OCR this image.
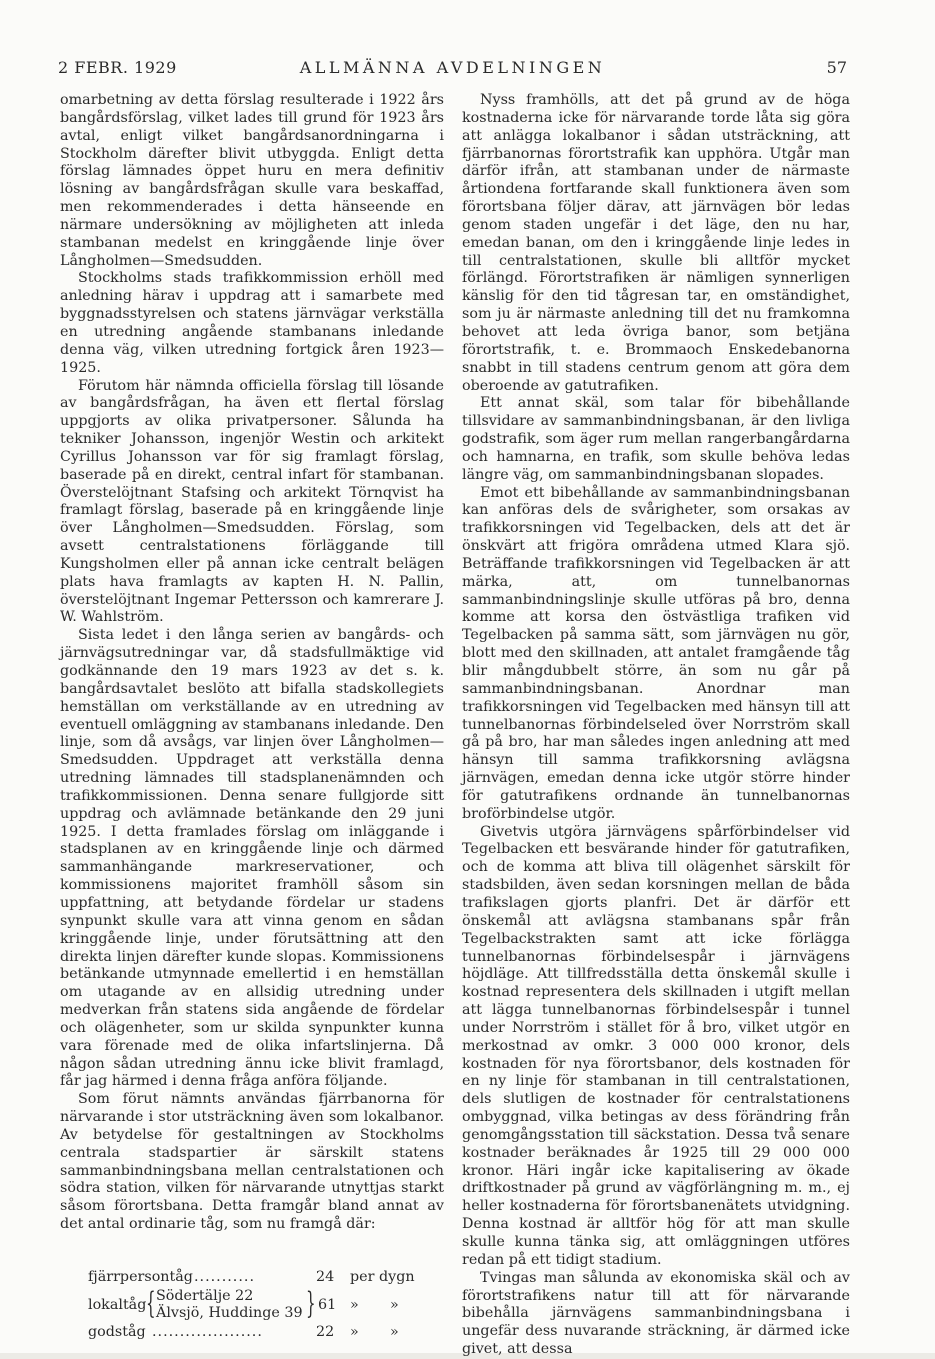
2 FEBR. 1929	ALLMÄNNA AVDELNINGEN	57

omarbetning av detta förslag resulterade i 1922 års bangårdsförslag, vilket lades till grund för 1923 års avtal, enligt vilket bangårdsanordningarna i Stockholm därefter blivit utbyggda. Enligt detta förslag lämnades öppet huru en mera definitiv lösning av bangårdsfrågan skulle vara beskaffad, men rekommenderades i detta hänseende en närmare undersökning av möjligheten att inleda stambanan medelst en kringgående linje över Långholmen—Smedsudden.

Stockholms stads trafikkommission erhöll med anledning härav i uppdrag att i samarbete med byggnadsstyrelsen och statens järnvägar verkställa en utredning angående stambanans inledande denna väg, vilken utredning fortgick åren 1923—1925.

Förutom här nämnda officiella förslag till lösande av bangårdsfrågan, ha även ett flertal förslag uppgjorts av olika privatpersoner. Sålunda ha tekniker Johansson, ingenjör Westin och arkitekt Cyrillus Johansson var för sig framlagt förslag, baserade på en direkt, central infart för stambanan. Överstelöjtnant Stafsing och arkitekt Törnqvist ha framlagt förslag, baserade på en kringgående linje över Långholmen—Smedsudden. Förslag, som avsett centralstationens förläggande till Kungsholmen eller på annan icke centralt belägen plats hava framlagts av kapten H. N. Pallin, överstelöjtnant Ingemar Pettersson och kamrerare J. W. Wahlström.

Sista ledet i den långa serien av bangårds- och järnvägsutredningar var, då stadsfullmäktige vid godkännande den 19 mars 1923 av det s. k. bangårdsavtalet beslöto att bifalla stadskollegiets hemställan om verkställande av en utredning av eventuell omläggning av stambanans inledande. Den linje, som då avsågs, var linjen över Långholmen—Smedsudden. Uppdraget att verkställa denna utredning lämnades till stadsplanenämnden och trafikkommissionen. Denna senare fullgjorde sitt uppdrag och avlämnade betänkande den 29 juni 1925. I detta framlades förslag om inläggande i stadsplanen av en kringgående linje och därmed sammanhängande markreservationer, och kommissionens majoritet framhöll såsom sin uppfattning, att betydande fördelar ur stadens synpunkt skulle vara att vinna genom en sådan kringgående linje, under förutsättning att den direkta linjen därefter kunde slopas. Kommissionens betänkande utmynnade emellertid i en hemställan om utagande av en allsidig utredning under medverkan från statens sida angående de fördelar och olägenheter, som ur skilda synpunkter kunna vara förenade med de olika infartslinjerna. Då någon sådan utredning ännu icke blivit framlagd, får jag härmed i denna fråga anföra följande.

Som förut nämnts användas fjärrbanorna för närvarande i stor utsträckning även som lokalbanor. Av betydelse för gestaltningen av Stockholms centrala stadspartier är särskilt statens sammanbindningsbana mellan centralstationen och södra station, vilken för närvarande utnyttjas starkt såsom förortsbana. Detta framgår bland annat av det antal ordinarie tåg, som nu framgå där:

fjärrpersontåg ...........	24 per dygn
lokaltåg { Södertälje 22
Älvsjö, Huddinge 39 } 61 » »
godståg ....................	22 » »

Nyss framhölls, att det på grund av de höga kostnaderna icke för närvarande torde låta sig göra att anlägga lokalbanor i sådan utsträckning, att fjärrbanornas förortstrafik kan upphöra. Utgår man därför ifrån, att stambanan under de närmaste årtiondena fortfarande skall funktionera även som förortsbana följer därav, att järnvägen bör ledas genom staden ungefär i det läge, den nu har, emedan banan, om den i kringgående linje ledes in till centralstationen, skulle bli alltför mycket förlängd. Förortstrafiken är nämligen synnerligen känslig för den tid tågresan tar, en omständighet, som ju är närmaste anledning till det nu framkomna behovet att leda övriga banor, som betjäna förortstrafik, t. e. Brommaoch Enskedebanorna snabbt in till stadens centrum genom att göra dem oberoende av gatutrafiken.

Ett annat skäl, som talar för bibehållande tillsvidare av sammanbindningsbanan, är den livliga godstrafik, som äger rum mellan rangerbangårdarna och hamnarna, en trafik, som skulle behöva ledas längre väg, om sammanbindningsbanan slopades.

Emot ett bibehållande av sammanbindningsbanan kan anföras dels de svårigheter, som orsakas av trafikkorsningen vid Tegelbacken, dels att det är önskvärt att frigöra områdena utmed Klara sjö. Beträffande trafikkorsningen vid Tegelbacken är att märka, att, om tunnelbanornas sammanbindningslinje skulle utföras på bro, denna komme att korsa den östvästliga trafiken vid Tegelbacken på samma sätt, som järnvägen nu gör, blott med den skillnaden, att antalet framgående tåg blir mångdubbelt större, än som nu går på sammanbindningsbanan. Anordnar man trafikkorsningen vid Tegelbacken med hänsyn till att tunnelbanornas förbindelseled över Norrström skall gå på bro, har man således ingen anledning att med hänsyn till samma trafikkorsning avlägsna järnvägen, emedan denna icke utgör större hinder för gatutrafikens ordnande än tunnelbanornas broförbindelse utgör.

Givetvis utgöra järnvägens spårförbindelser vid Tegelbacken ett besvärande hinder för gatutrafiken, och de komma att bliva till olägenhet särskilt för stadsbilden, även sedan korsningen mellan de båda trafikslagen gjorts planfri. Det är därför ett önskemål att avlägsna stambanans spår från Tegelbackstrakten samt att icke förlägga tunnelbanornas förbindelsespår i järnvägens höjdläge. Att tillfredsställa detta önskemål skulle i kostnad representera dels skillnaden i utgift mellan att lägga tunnelbanornas förbindelsespår i tunnel under Norrström i stället för å bro, vilket utgör en merkostnad av omkr. 3 000 000 kronor, dels kostnaden för nya förortsbanor, dels kostnaden för en ny linje för stambanan in till centralstationen, dels slutligen de kostnader för centralstationens ombyggnad, vilka betingas av dess förändring från genomgångsstation till säckstation. Dessa två senare kostnader beräknades år 1925 till 29 000 000 kronor. Häri ingår icke kapitalisering av ökade driftkostnader på grund av vägförlängning m. m., ej heller kostnaderna för förortsbanenätets utvidgning. Denna kostnad är alltför hög för att man skulle skulle kunna tänka sig, att omläggningen utföres redan på ett tidigt stadium.

Tvingas man sålunda av ekonomiska skäl och av förortstrafikens natur till att för närvarande bibehålla järnvägens sammanbindningsbana i ungefär dess nuvarande sträckning, är därmed icke givet, att dessa
